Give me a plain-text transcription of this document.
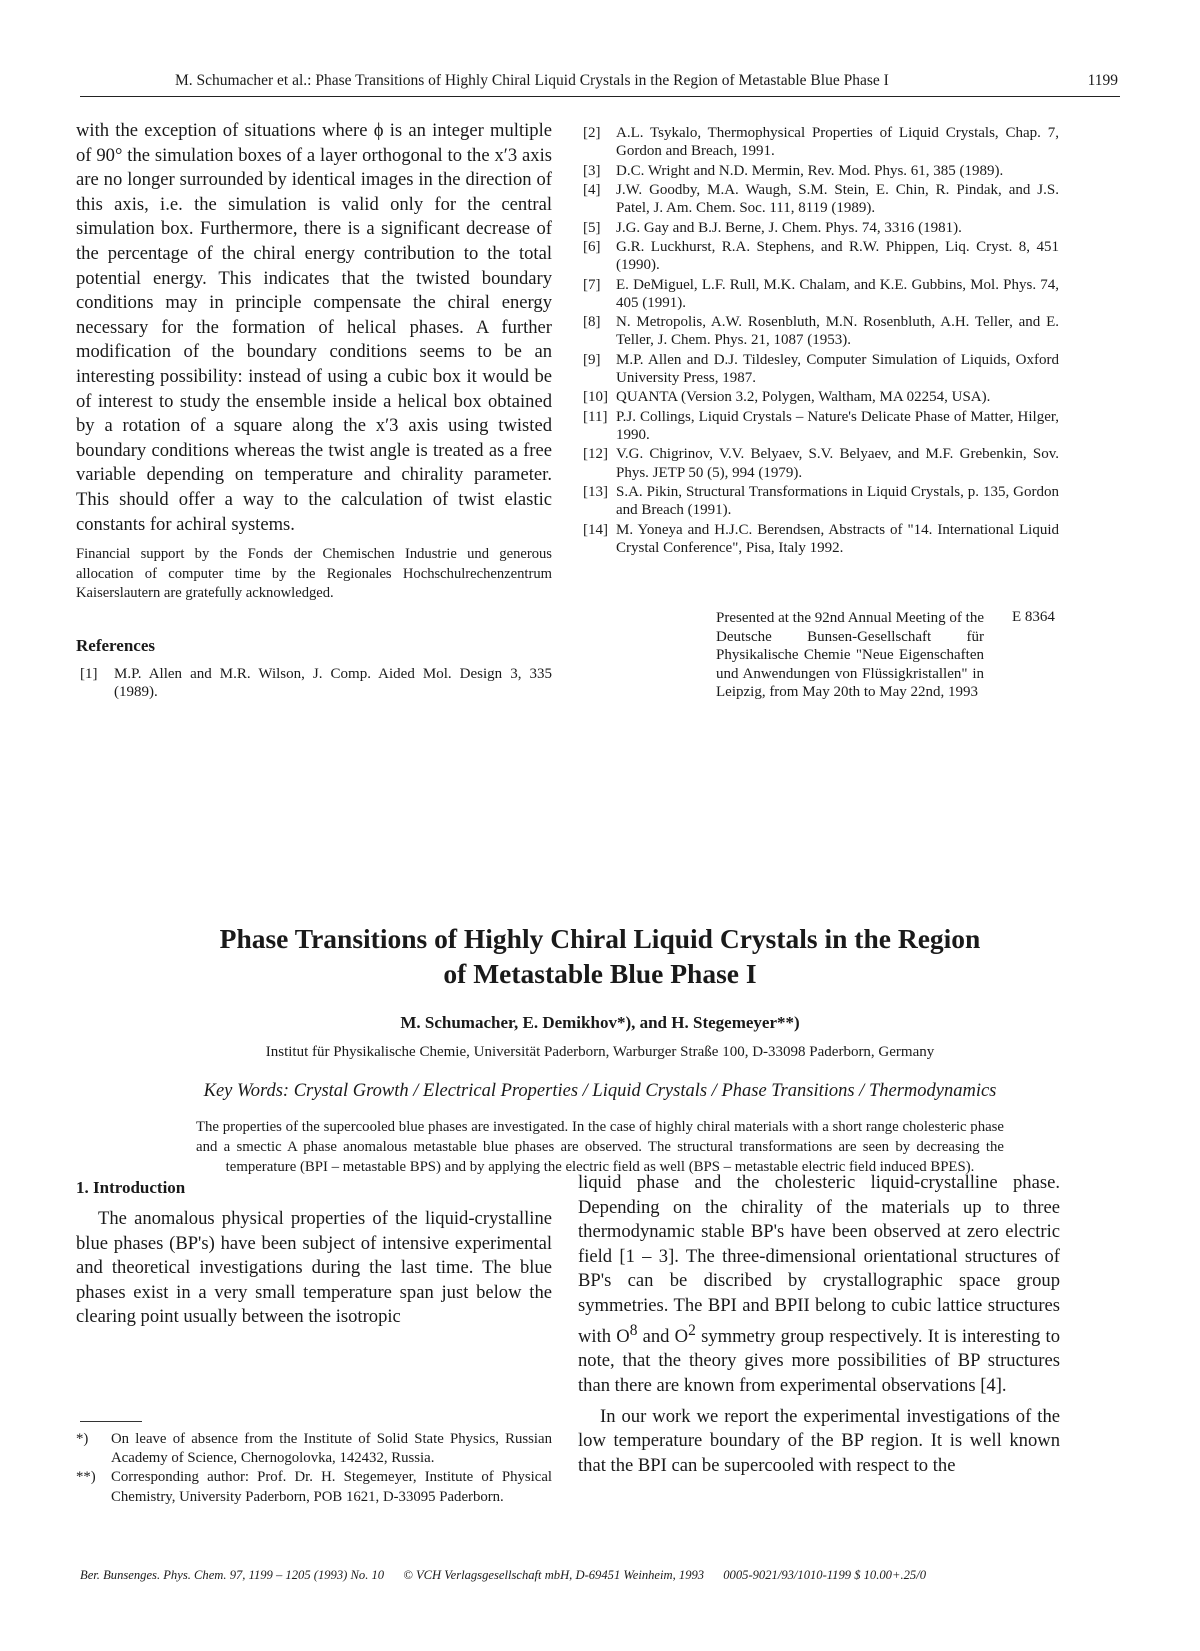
M. Schumacher et al.: Phase Transitions of Highly Chiral Liquid Crystals in the Region of Metastable Blue Phase I	1199

with the exception of situations where ϕ is an integer multiple of 90° the simulation boxes of a layer orthogonal to the x′3 axis are no longer surrounded by identical images in the direction of this axis, i.e. the simulation is valid only for the central simulation box. Furthermore, there is a significant decrease of the percentage of the chiral energy contribution to the total potential energy. This indicates that the twisted boundary conditions may in principle compensate the chiral energy necessary for the formation of helical phases. A further modification of the boundary conditions seems to be an interesting possibility: instead of using a cubic box it would be of interest to study the ensemble inside a helical box obtained by a rotation of a square along the x′3 axis using twisted boundary conditions whereas the twist angle is treated as a free variable depending on temperature and chirality parameter. This should offer a way to the calculation of twist elastic constants for achiral systems.

Financial support by the Fonds der Chemischen Industrie und generous allocation of computer time by the Regionales Hochschulrechenzentrum Kaiserslautern are gratefully acknowledged.

References
[1] M.P. Allen and M.R. Wilson, J. Comp. Aided Mol. Design 3, 335 (1989).
[2] A.L. Tsykalo, Thermophysical Properties of Liquid Crystals, Chap. 7, Gordon and Breach, 1991.
[3] D.C. Wright and N.D. Mermin, Rev. Mod. Phys. 61, 385 (1989).
[4] J.W. Goodby, M.A. Waugh, S.M. Stein, E. Chin, R. Pindak, and J.S. Patel, J. Am. Chem. Soc. 111, 8119 (1989).
[5] J.G. Gay and B.J. Berne, J. Chem. Phys. 74, 3316 (1981).
[6] G.R. Luckhurst, R.A. Stephens, and R.W. Phippen, Liq. Cryst. 8, 451 (1990).
[7] E. DeMiguel, L.F. Rull, M.K. Chalam, and K.E. Gubbins, Mol. Phys. 74, 405 (1991).
[8] N. Metropolis, A.W. Rosenbluth, M.N. Rosenbluth, A.H. Teller, and E. Teller, J. Chem. Phys. 21, 1087 (1953).
[9] M.P. Allen and D.J. Tildesley, Computer Simulation of Liquids, Oxford University Press, 1987.
[10] QUANTA (Version 3.2, Polygen, Waltham, MA 02254, USA).
[11] P.J. Collings, Liquid Crystals – Nature's Delicate Phase of Matter, Hilger, 1990.
[12] V.G. Chigrinov, V.V. Belyaev, S.V. Belyaev, and M.F. Grebenkin, Sov. Phys. JETP 50 (5), 994 (1979).
[13] S.A. Pikin, Structural Transformations in Liquid Crystals, p. 135, Gordon and Breach (1991).
[14] M. Yoneya and H.J.C. Berendsen, Abstracts of "14. International Liquid Crystal Conference", Pisa, Italy 1992.
Presented at the 92nd Annual Meeting of the Deutsche Bunsen-Gesellschaft für Physikalische Chemie "Neue Eigenschaften und Anwendungen von Flüssigkristallen" in Leipzig, from May 20th to May 22nd, 1993
E 8364
Phase Transitions of Highly Chiral Liquid Crystals in the Region
of Metastable Blue Phase I
M. Schumacher, E. Demikhov*), and H. Stegemeyer**)
Institut für Physikalische Chemie, Universität Paderborn, Warburger Straße 100, D-33098 Paderborn, Germany
Key Words: Crystal Growth / Electrical Properties / Liquid Crystals / Phase Transitions / Thermodynamics
The properties of the supercooled blue phases are investigated. In the case of highly chiral materials with a short range cholesteric phase and a smectic A phase anomalous metastable blue phases are observed. The structural transformations are seen by decreasing the temperature (BPI – metastable BPS) and by applying the electric field as well (BPS – metastable electric field induced BPES).
1. Introduction

The anomalous physical properties of the liquid-crystalline blue phases (BP's) have been subject of intensive experimental and theoretical investigations during the last time. The blue phases exist in a very small temperature span just below the clearing point usually between the isotropic

*) On leave of absence from the Institute of Solid State Physics, Russian Academy of Science, Chernogolovka, 142432, Russia.
**) Corresponding author: Prof. Dr. H. Stegemeyer, Institute of Physical Chemistry, University Paderborn, POB 1621, D-33095 Paderborn.

liquid phase and the cholesteric liquid-crystalline phase. Depending on the chirality of the materials up to three thermodynamic stable BP's have been observed at zero electric field [1 – 3]. The three-dimensional orientational structures of BP's can be discribed by crystallographic space group symmetries. The BPI and BPII belong to cubic lattice structures with $O^8$ and $O^2$ symmetry group respectively. It is interesting to note, that the theory gives more possibilities of BP structures than there are known from experimental observations [4].

In our work we report the experimental investigations of the low temperature boundary of the BP region. It is well known that the BPI can be supercooled with respect to the

Ber. Bunsenges. Phys. Chem. 97, 1199 – 1205 (1993) No. 10 © VCH Verlagsgesellschaft mbH, D-69451 Weinheim, 1993 0005-9021/93/1010-1199 $ 10.00+.25/0
